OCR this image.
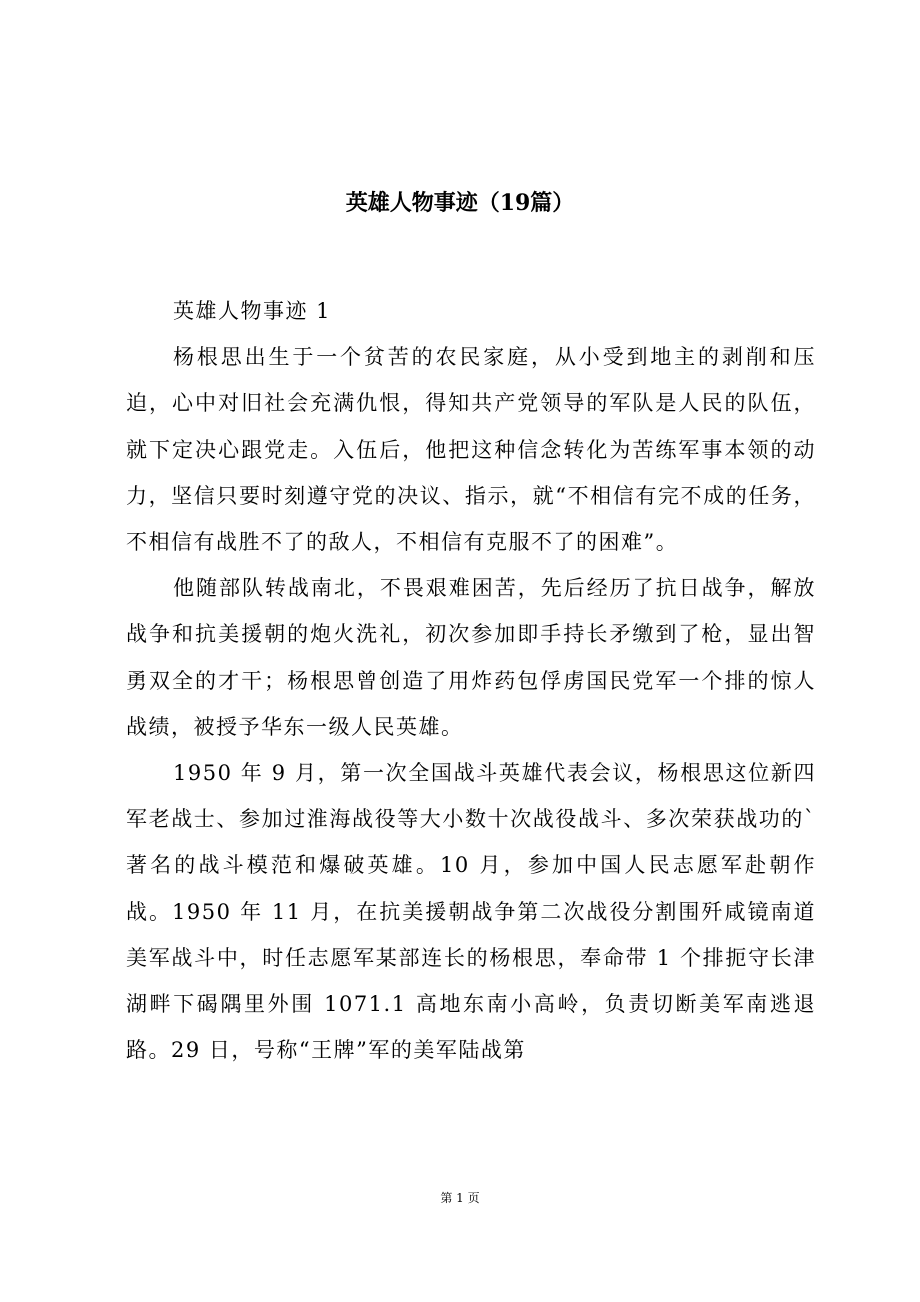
英雄人物事迹（19篇）

英雄人物事迹 1

杨根思出生于一个贫苦的农民家庭，从小受到地主的剥削和压迫，心中对旧社会充满仇恨，得知共产党领导的军队是人民的队伍，就下定决心跟党走。入伍后，他把这种信念转化为苦练军事本领的动力，坚信只要时刻遵守党的决议、指示，就“不相信有完不成的任务，不相信有战胜不了的敌人，不相信有克服不了的困难”。

他随部队转战南北，不畏艰难困苦，先后经历了抗日战争，解放战争和抗美援朝的炮火洗礼，初次参加即手持长矛缴到了枪，显出智勇双全的才干；杨根思曾创造了用炸药包俘虏国民党军一个排的惊人战绩，被授予华东一级人民英雄。

1950 年 9 月，第一次全国战斗英雄代表会议，杨根思这位新四军老战士、参加过淮海战役等大小数十次战役战斗、多次荣获战功的`著名的战斗模范和爆破英雄。10 月，参加中国人民志愿军赴朝作战。1950 年 11 月，在抗美援朝战争第二次战役分割围歼咸镜南道美军战斗中，时任志愿军某部连长的杨根思，奉命带 1 个排扼守长津湖畔下碣隅里外围 1071.1 高地东南小高岭，负责切断美军南逃退路。29 日，号称“王牌”军的美军陆战第

第 1 页
